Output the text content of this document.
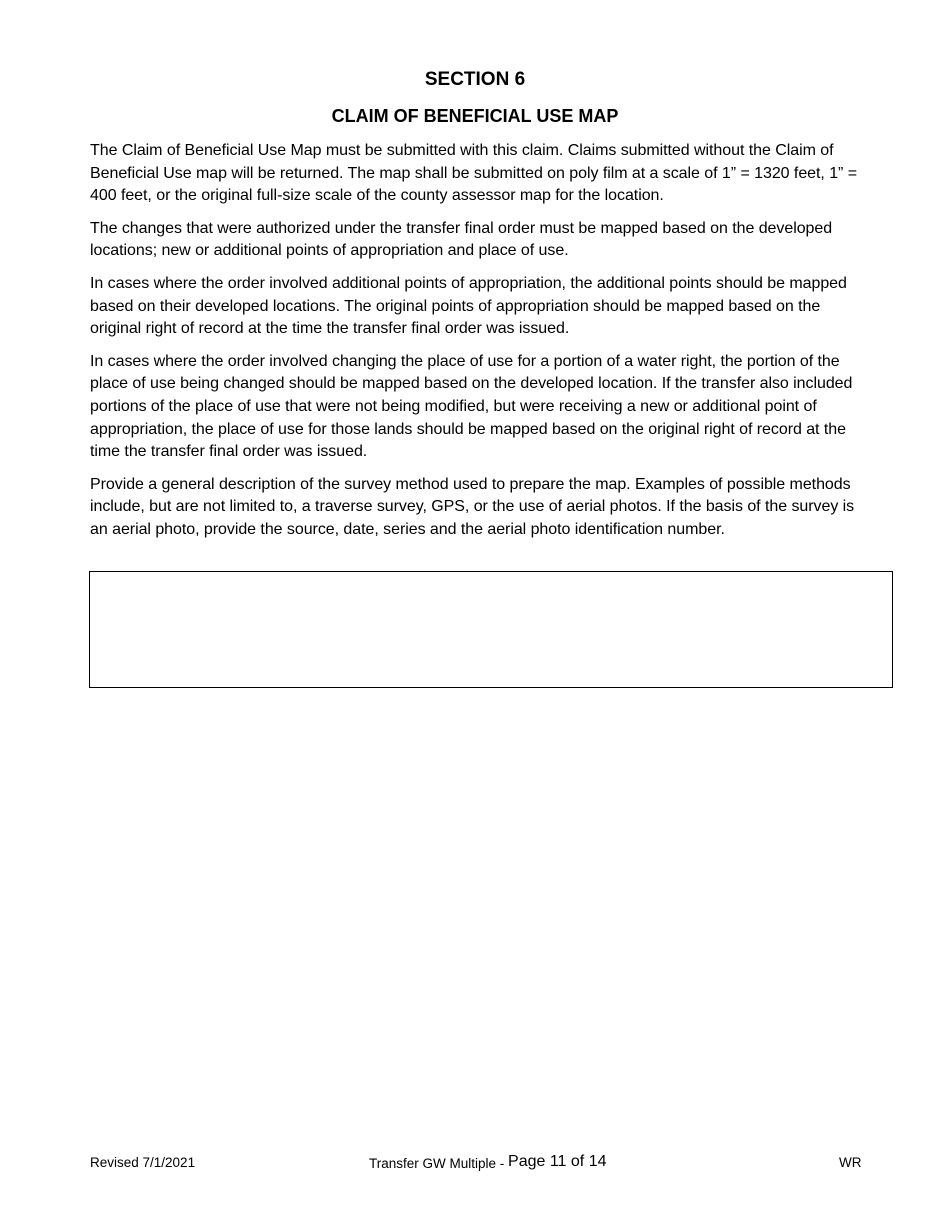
SECTION 6
CLAIM OF BENEFICIAL USE MAP

The Claim of Beneficial Use Map must be submitted with this claim. Claims submitted without the Claim of Beneficial Use map will be returned. The map shall be submitted on poly film at a scale of 1” = 1320 feet, 1” = 400 feet, or the original full-size scale of the county assessor map for the location.

The changes that were authorized under the transfer final order must be mapped based on the developed locations; new or additional points of appropriation and place of use.

In cases where the order involved additional points of appropriation, the additional points should be mapped based on their developed locations. The original points of appropriation should be mapped based on the original right of record at the time the transfer final order was issued.

In cases where the order involved changing the place of use for a portion of a water right, the portion of the place of use being changed should be mapped based on the developed location. If the transfer also included portions of the place of use that were not being modified, but were receiving a new or additional point of appropriation, the place of use for those lands should be mapped based on the original right of record at the time the transfer final order was issued.

Provide a general description of the survey method used to prepare the map. Examples of possible methods include, but are not limited to, a traverse survey, GPS, or the use of aerial photos. If the basis of the survey is an aerial photo, provide the source, date, series and the aerial photo identification number.

Revised 7/1/2021	Transfer GW Multiple - Page 11 of 14	WR
